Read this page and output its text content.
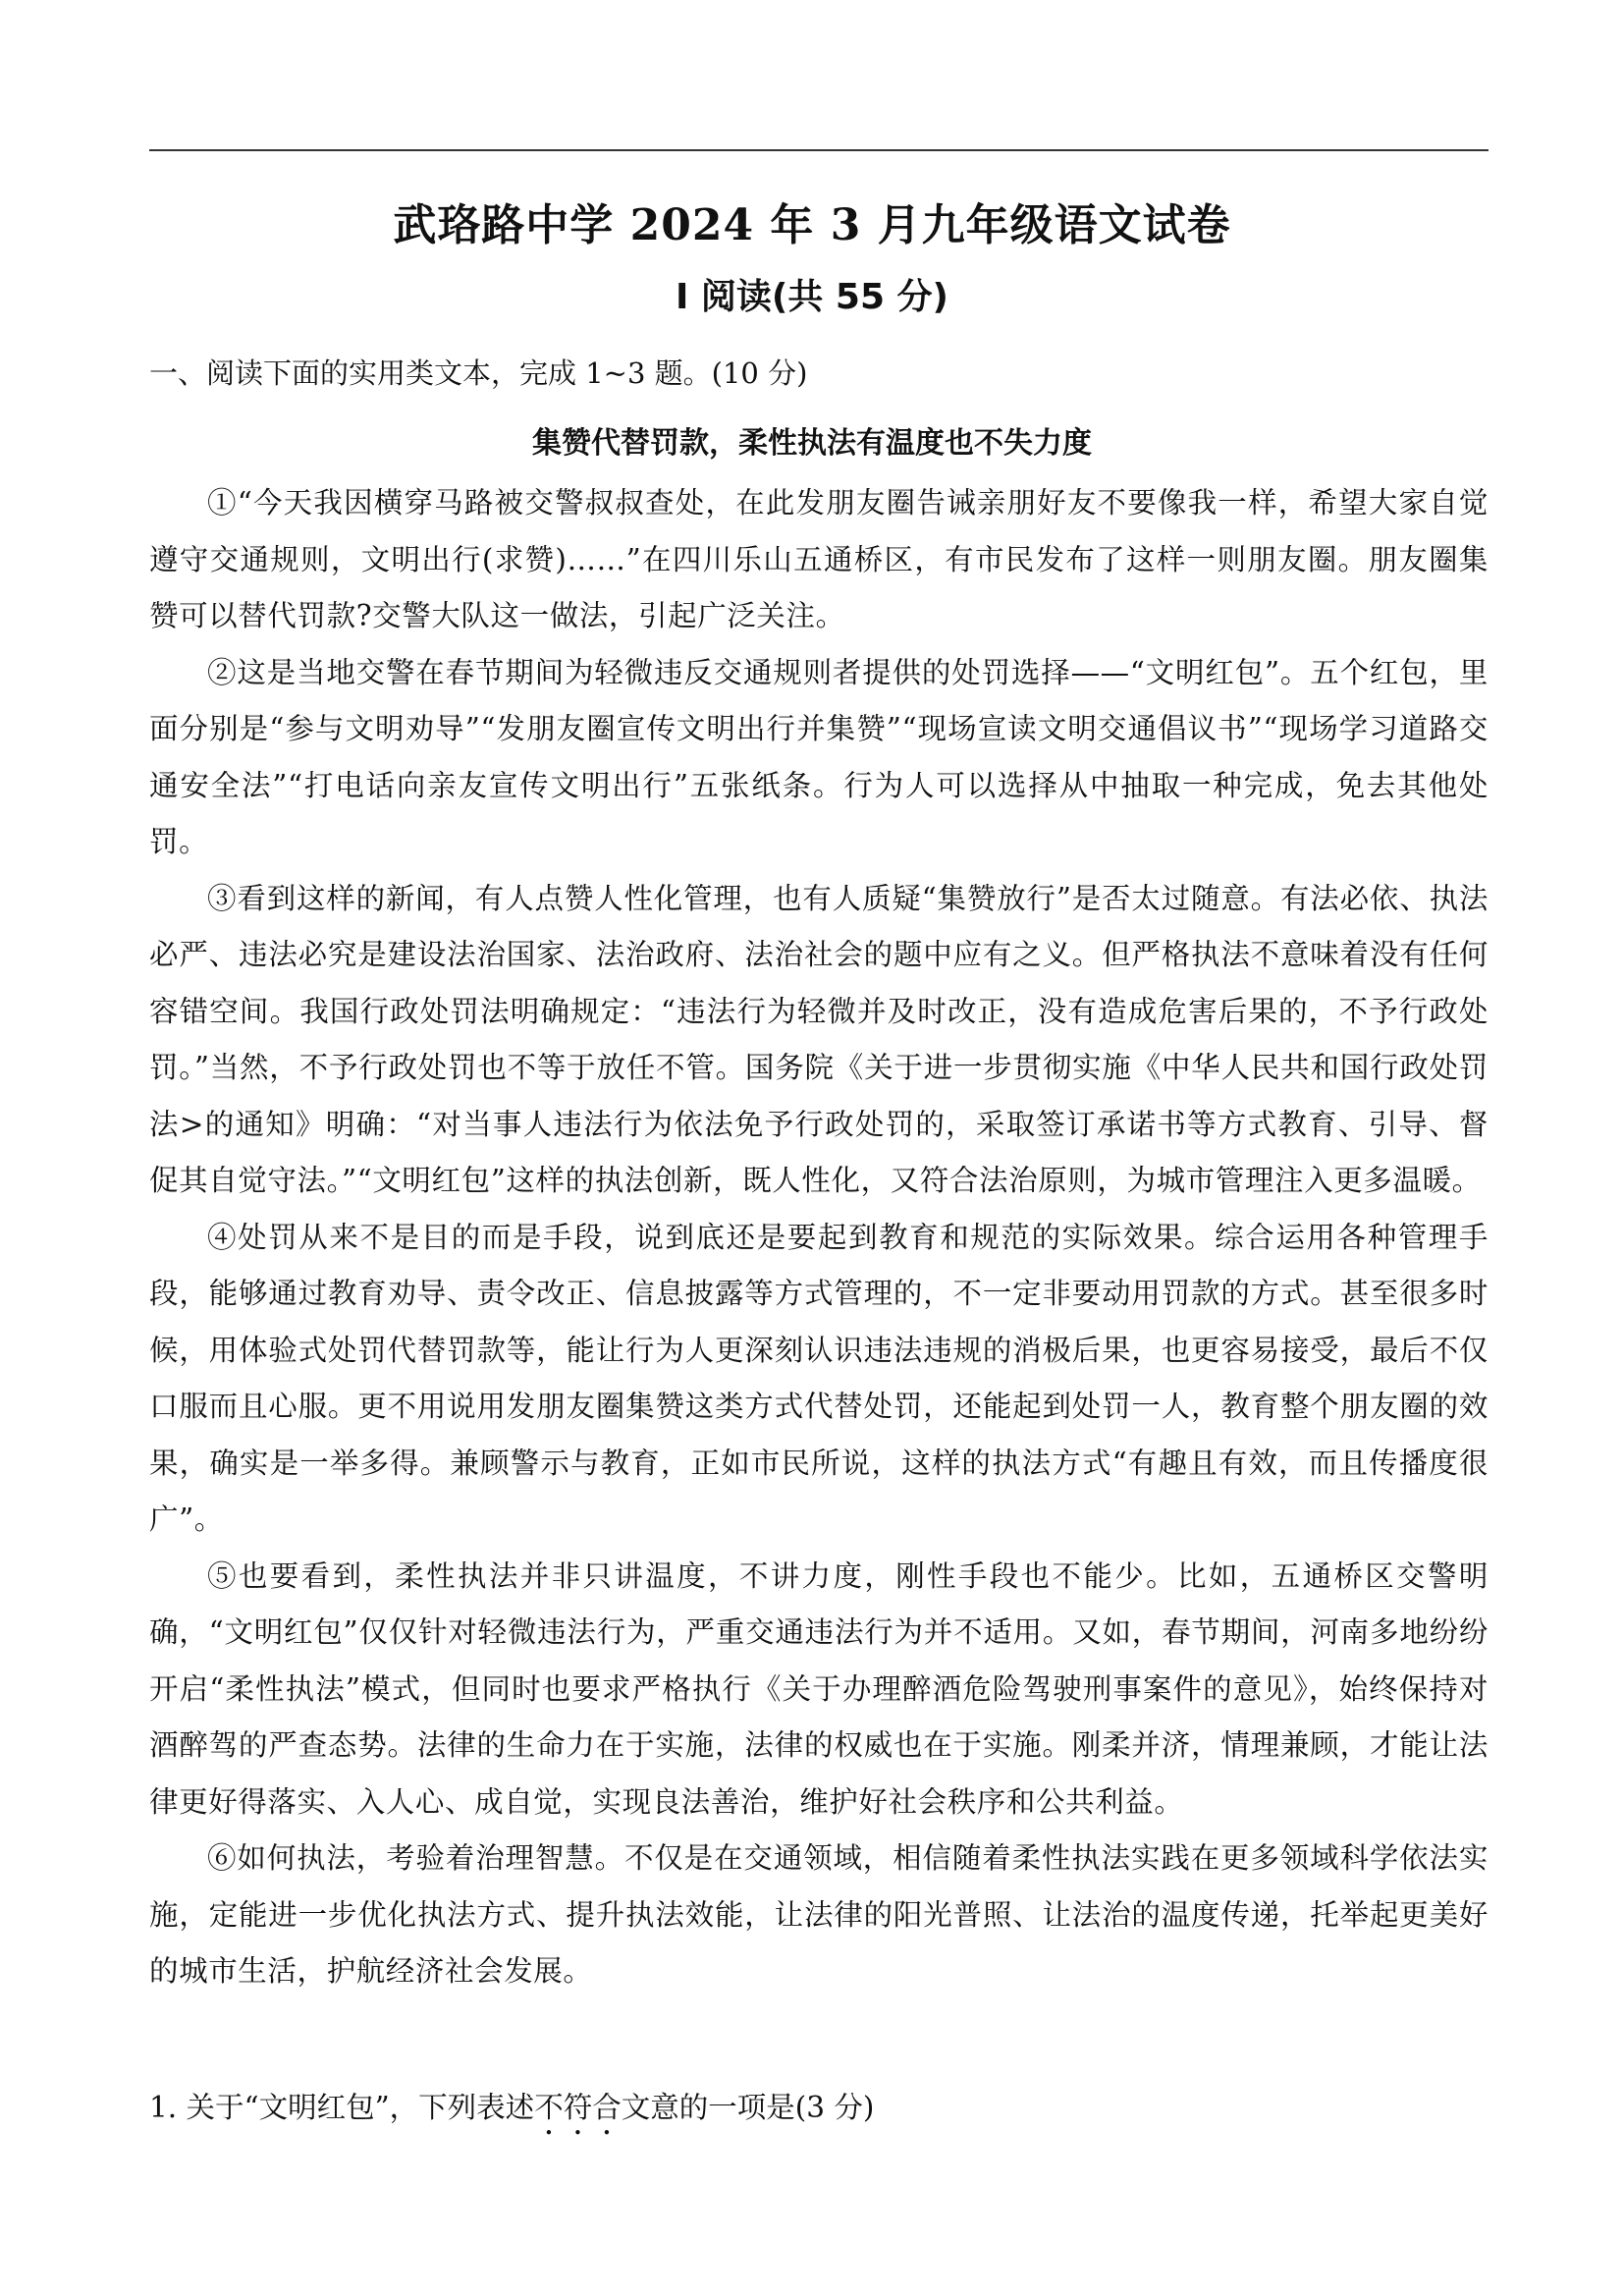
武珞路中学 2024 年 3 月九年级语文试卷
I 阅读(共 55 分)
一、阅读下面的实用类文本，完成 1~3 题。(10 分)
集赞代替罚款，柔性执法有温度也不失力度

①“今天我因横穿马路被交警叔叔查处，在此发朋友圈告诫亲朋好友不要像我一样，希望大家自觉遵守交通规则，文明出行(求赞)……”在四川乐山五通桥区，有市民发布了这样一则朋友圈。朋友圈集赞可以替代罚款?交警大队这一做法，引起广泛关注。

②这是当地交警在春节期间为轻微违反交通规则者提供的处罚选择——“文明红包”。五个红包，里面分别是“参与文明劝导”“发朋友圈宣传文明出行并集赞”“现场宣读文明交通倡议书”“现场学习道路交通安全法”“打电话向亲友宣传文明出行”五张纸条。行为人可以选择从中抽取一种完成，免去其他处罚。

③看到这样的新闻，有人点赞人性化管理，也有人质疑“集赞放行”是否太过随意。有法必依、执法必严、违法必究是建设法治国家、法治政府、法治社会的题中应有之义。但严格执法不意味着没有任何容错空间。我国行政处罚法明确规定：“违法行为轻微并及时改正，没有造成危害后果的，不予行政处罚。”当然，不予行政处罚也不等于放任不管。国务院《关于进一步贯彻实施《中华人民共和国行政处罚法>的通知》明确：“对当事人违法行为依法免予行政处罚的，采取签订承诺书等方式教育、引导、督促其自觉守法。”“文明红包”这样的执法创新，既人性化，又符合法治原则，为城市管理注入更多温暖。

④处罚从来不是目的而是手段，说到底还是要起到教育和规范的实际效果。综合运用各种管理手段，能够通过教育劝导、责令改正、信息披露等方式管理的，不一定非要动用罚款的方式。甚至很多时候，用体验式处罚代替罚款等，能让行为人更深刻认识违法违规的消极后果，也更容易接受，最后不仅口服而且心服。更不用说用发朋友圈集赞这类方式代替处罚，还能起到处罚一人，教育整个朋友圈的效果，确实是一举多得。兼顾警示与教育，正如市民所说，这样的执法方式“有趣且有效，而且传播度很广”。

⑤也要看到，柔性执法并非只讲温度，不讲力度，刚性手段也不能少。比如，五通桥区交警明确，“文明红包”仅仅针对轻微违法行为，严重交通违法行为并不适用。又如，春节期间，河南多地纷纷开启“柔性执法”模式，但同时也要求严格执行《关于办理醉酒危险驾驶刑事案件的意见》，始终保持对酒醉驾的严查态势。法律的生命力在于实施，法律的权威也在于实施。刚柔并济，情理兼顾，才能让法律更好得落实、入人心、成自觉，实现良法善治，维护好社会秩序和公共利益。

⑥如何执法，考验着治理智慧。不仅是在交通领域，相信随着柔性执法实践在更多领域科学依法实施，定能进一步优化执法方式、提升执法效能，让法律的阳光普照、让法治的温度传递，托举起更美好的城市生活，护航经济社会发展。

1. 关于“文明红包”，下列表述不符合文意的一项是(3 分)
